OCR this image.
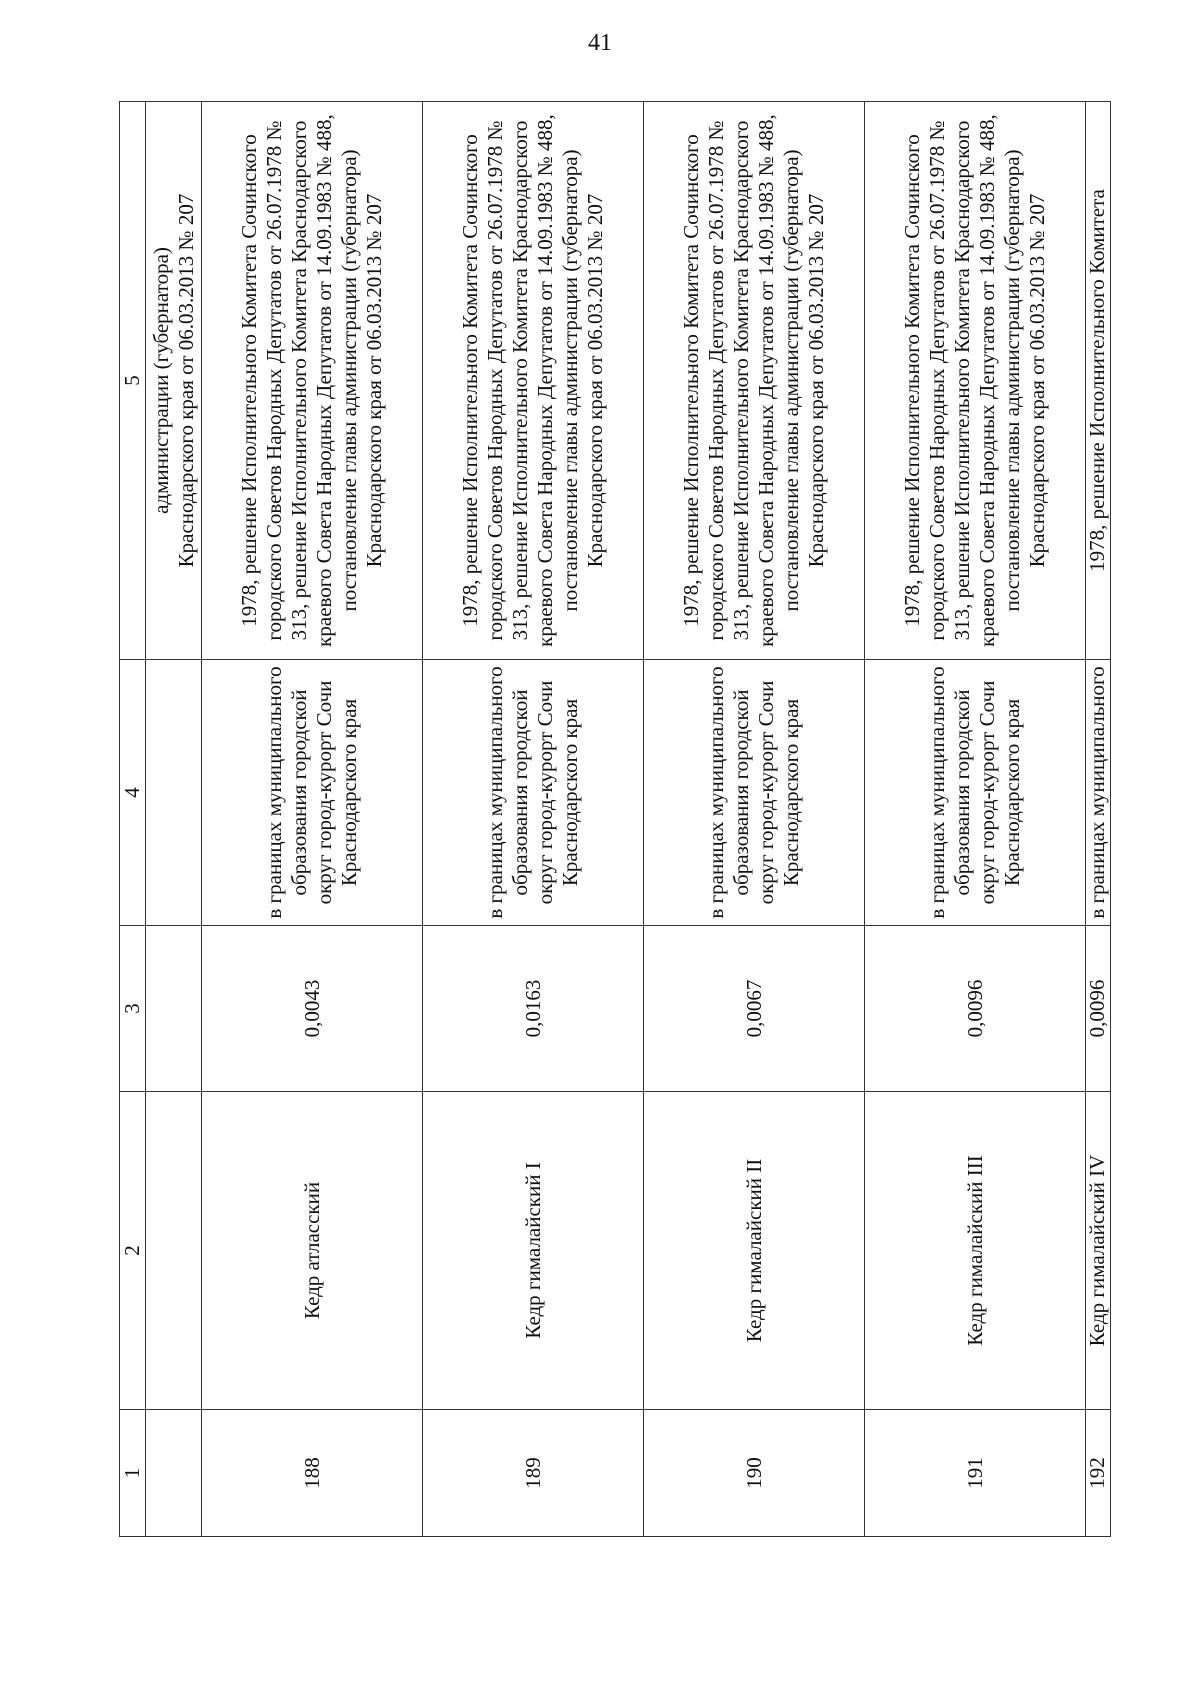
41
1	2	3	4	5
				администрации (губернатора)
Краснодарского края от 06.03.2013 № 207
188	Кедр атласский	0,0043	в границах муниципального образования городской округ город-курорт Сочи Краснодарского края	1978, решение Исполнительного Комитета Сочинского городского Советов Народных Депутатов от 26.07.1978 № 313, решение Исполнительного Комитета Краснодарского краевого Совета Народных Депутатов от 14.09.1983 № 488, постановление главы администрации (губернатора) Краснодарского края от 06.03.2013 № 207
189	Кедр гималайский I	0,0163	в границах муниципального образования городской округ город-курорт Сочи Краснодарского края	1978, решение Исполнительного Комитета Сочинского городского Советов Народных Депутатов от 26.07.1978 № 313, решение Исполнительного Комитета Краснодарского краевого Совета Народных Депутатов от 14.09.1983 № 488, постановление главы администрации (губернатора) Краснодарского края от 06.03.2013 № 207
190	Кедр гималайский II	0,0067	в границах муниципального образования городской округ город-курорт Сочи Краснодарского края	1978, решение Исполнительного Комитета Сочинского городского Советов Народных Депутатов от 26.07.1978 № 313, решение Исполнительного Комитета Краснодарского краевого Совета Народных Депутатов от 14.09.1983 № 488, постановление главы администрации (губернатора) Краснодарского края от 06.03.2013 № 207
191	Кедр гималайский III	0,0096	в границах муниципального образования городской округ город-курорт Сочи Краснодарского края	1978, решение Исполнительного Комитета Сочинского городского Советов Народных Депутатов от 26.07.1978 № 313, решение Исполнительного Комитета Краснодарского краевого Совета Народных Депутатов от 14.09.1983 № 488, постановление главы администрации (губернатора) Краснодарского края от 06.03.2013 № 207
192	Кедр гималайский IV	0,0096	в границах муниципального	1978, решение Исполнительного Комитета
